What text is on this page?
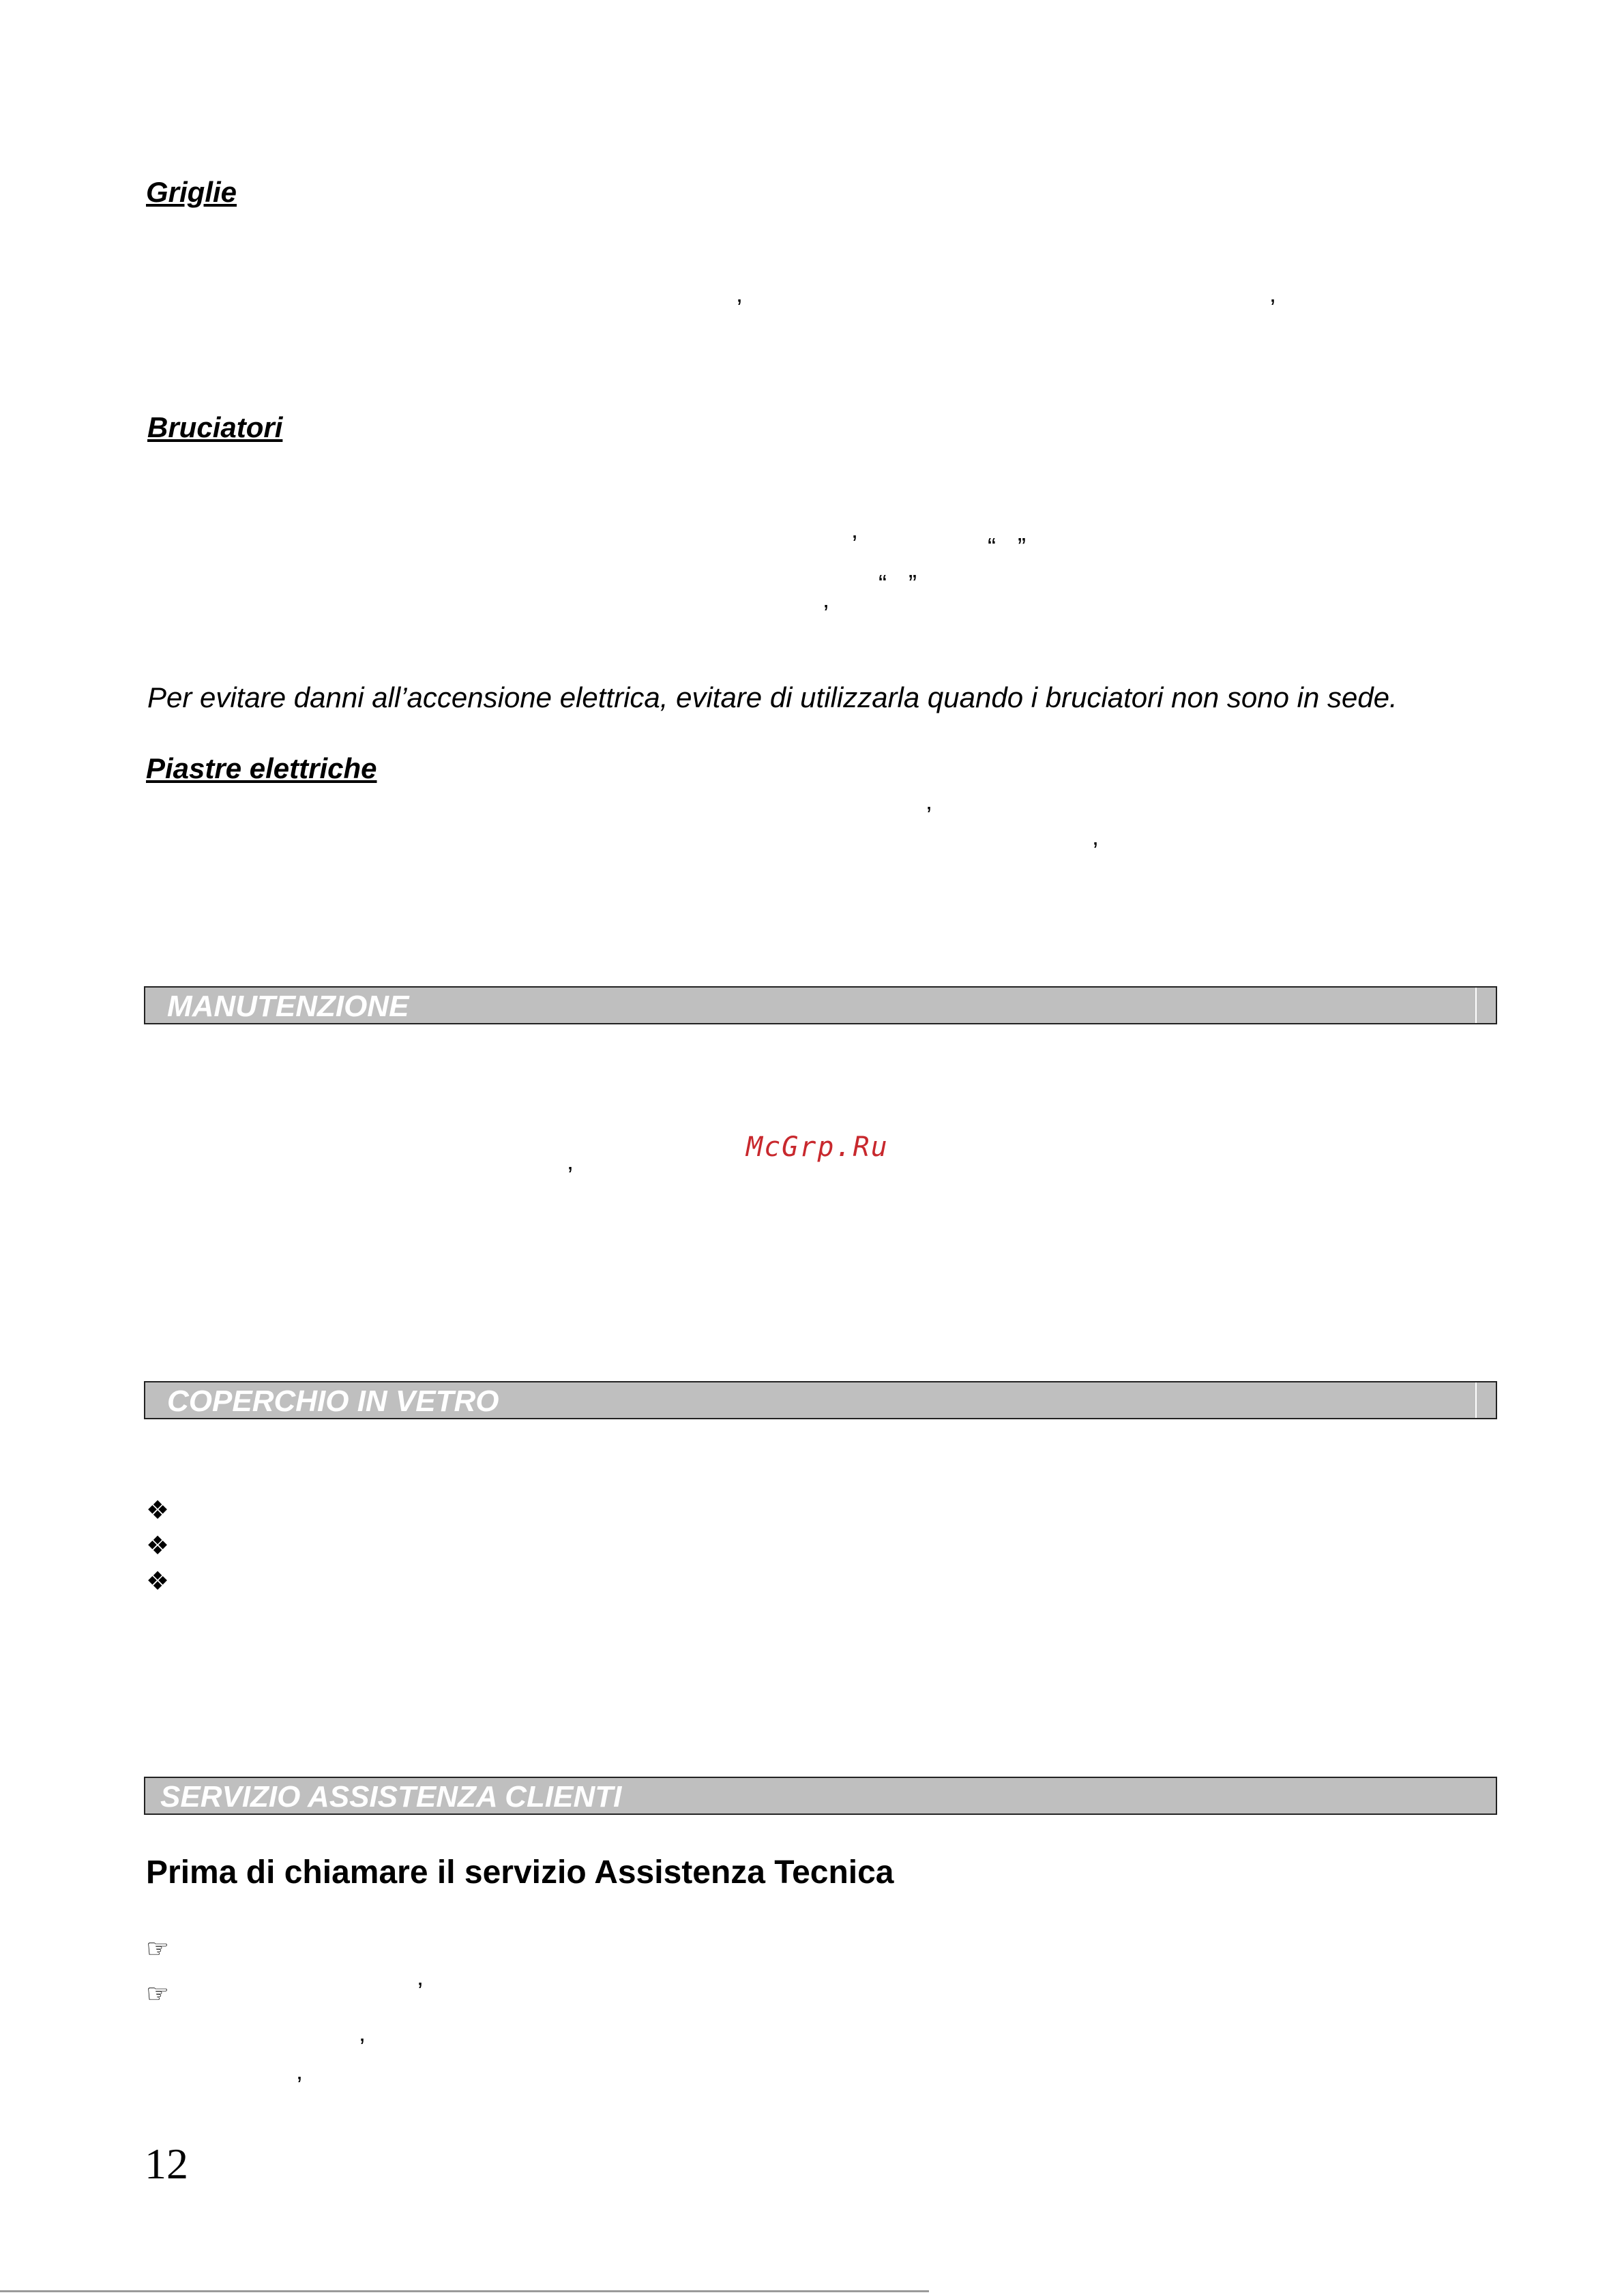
Griglie
’	’
Bruciatori
’	“ ”
“ ”
’
Per evitare danni all’accensione elettrica, evitare di utilizzarla quando i bruciatori non sono in sede.
Piastre elettriche
’
’
MANUTENZIONE
McGrp.Ru
’
COPERCHIO IN VETRO
❖
❖
❖
SERVIZIO ASSISTENZA CLIENTI
Prima di chiamare il servizio Assistenza Tecnica
☞
☞	’
’
’
12
